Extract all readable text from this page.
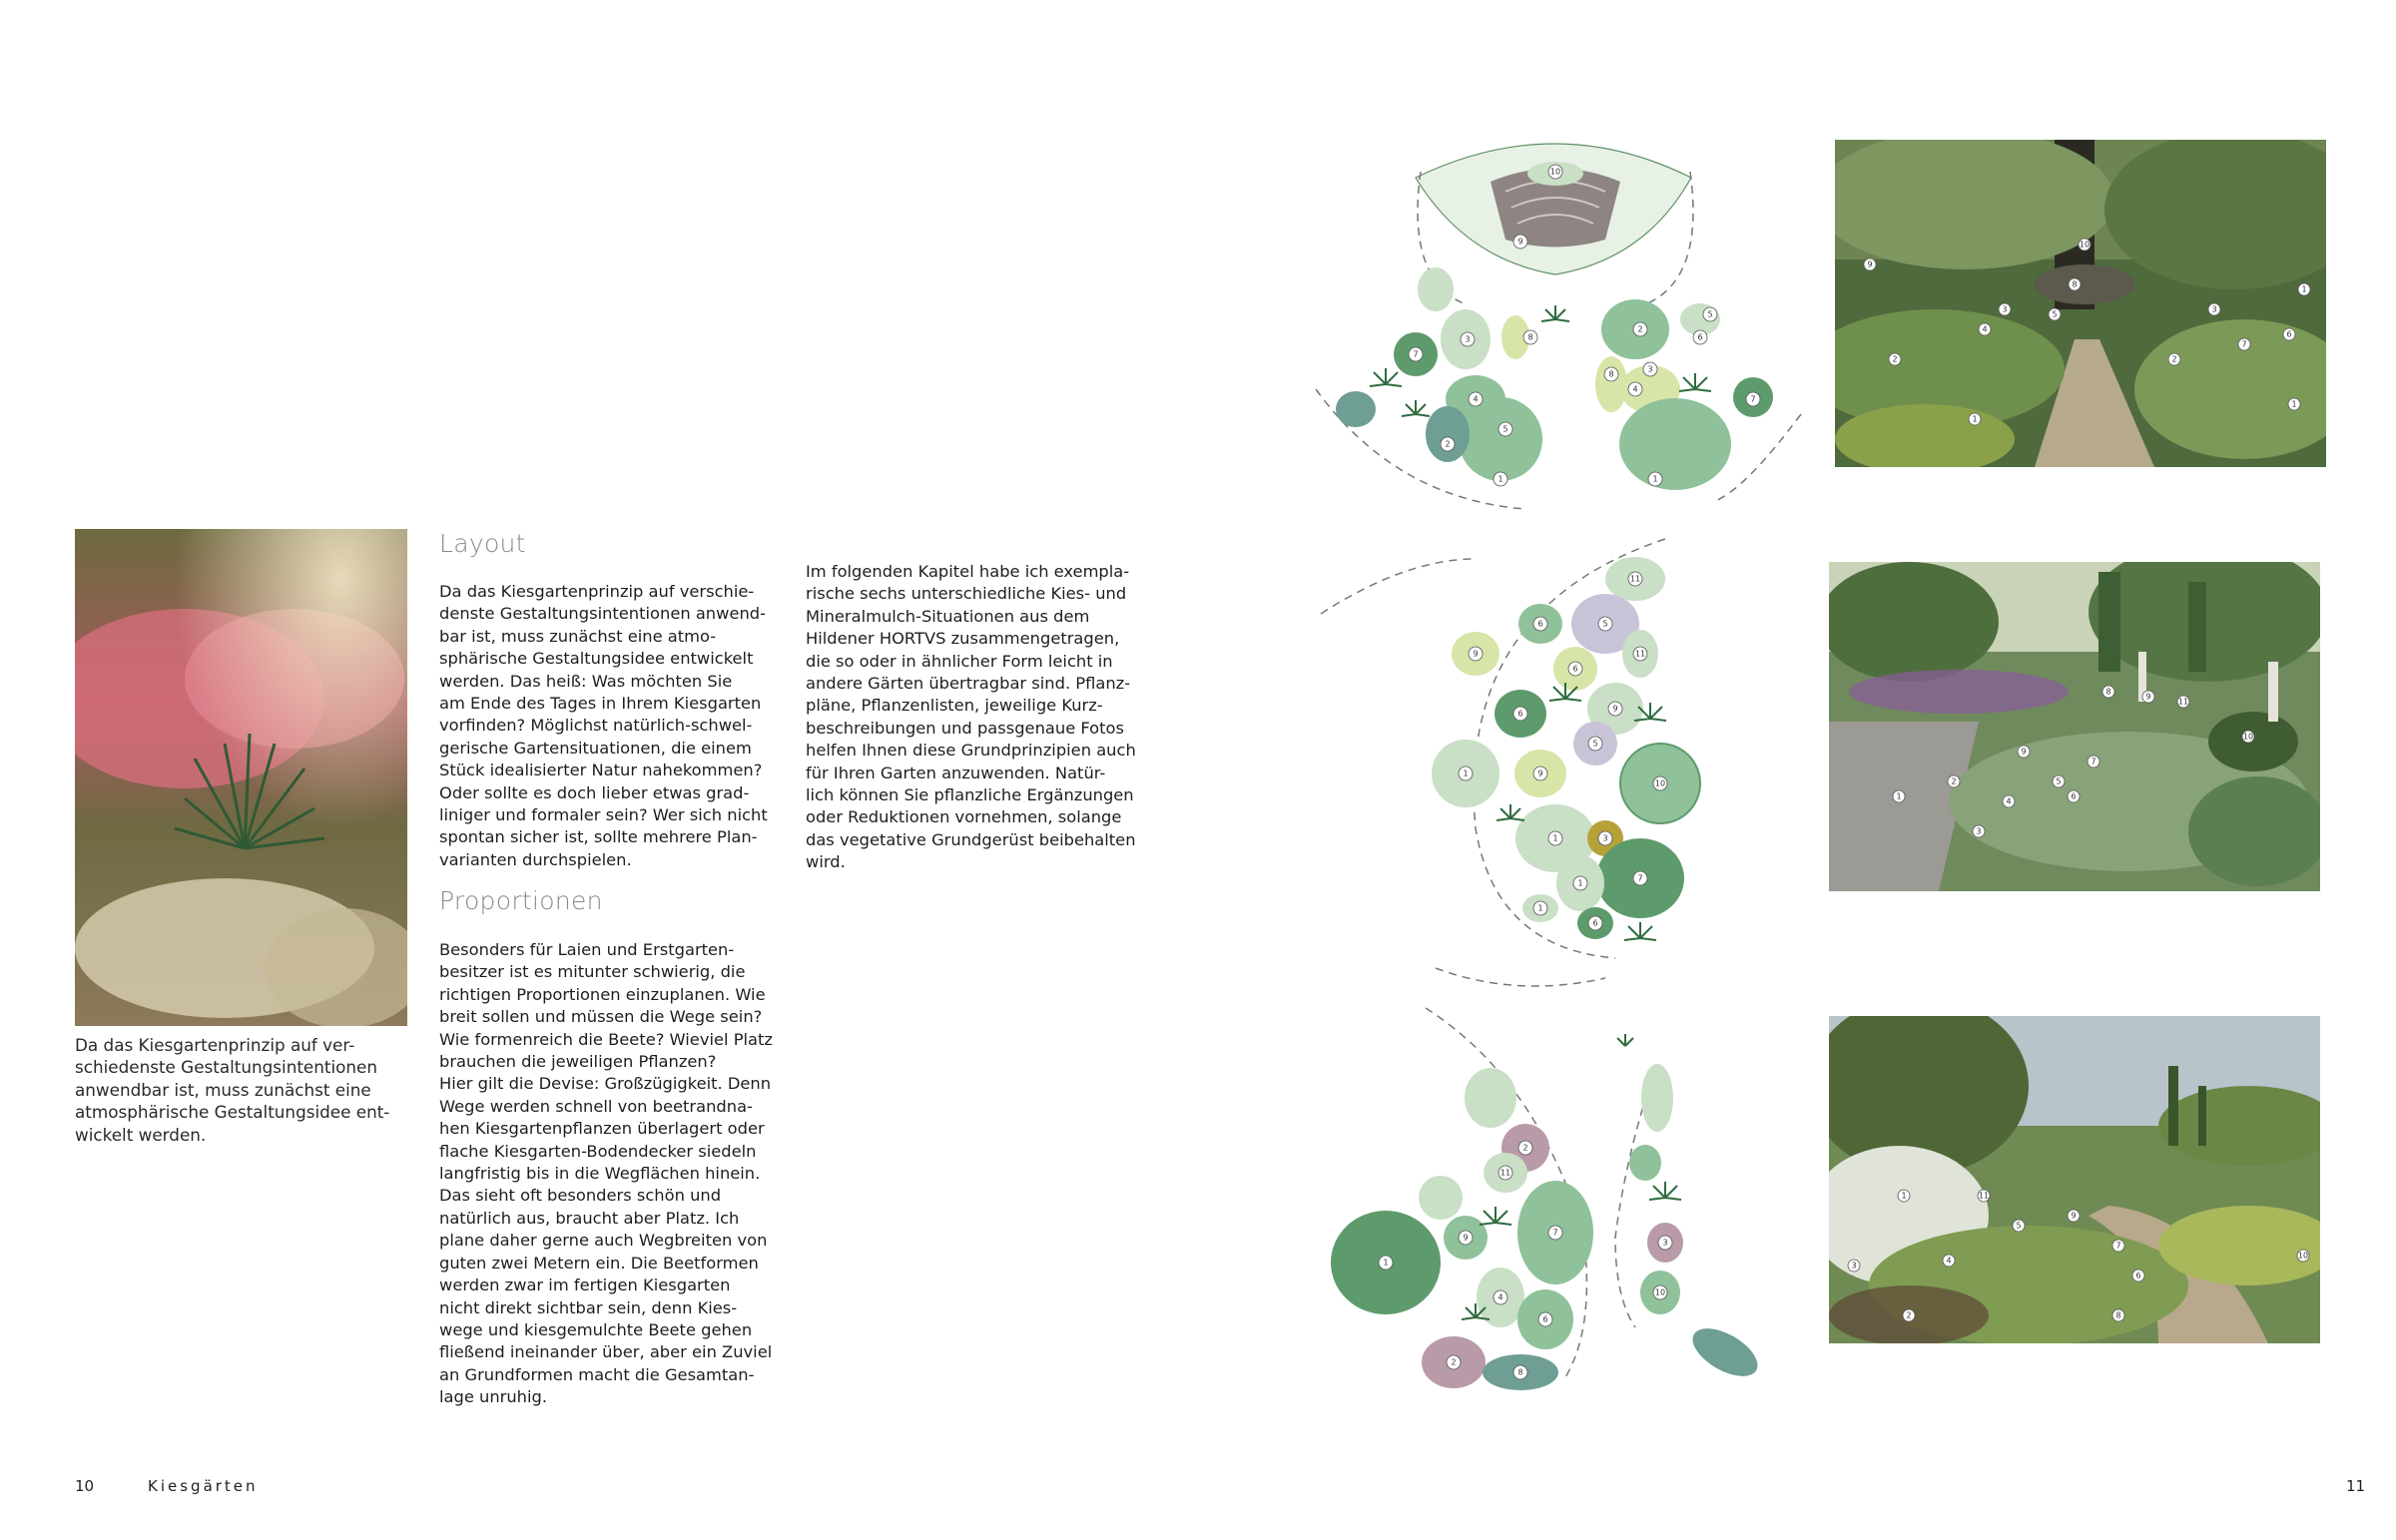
Da das Kiesgartenprinzip auf ver-
schiedenste Gestaltungsintentionen
anwendbar ist, muss zunächst eine
atmosphärische Gestaltungsidee ent-
wickelt werden.
Layout
Da das Kiesgartenprinzip auf verschie-
denste Gestaltungsintentionen anwend-
bar ist, muss zunächst eine atmo-
sphärische Gestaltungsidee entwickelt
werden. Das heiß: Was möchten Sie
am Ende des Tages in Ihrem Kiesgarten
vorfinden? Möglichst natürlich-schwel-
gerische Gartensituationen, die einem
Stück idealisierter Natur nahekommen?
Oder sollte es doch lieber etwas grad-
liniger und formaler sein? Wer sich nicht
spontan sicher ist, sollte mehrere Plan-
varianten durchspielen.
Proportionen
Besonders für Laien und Erstgarten-
besitzer ist es mitunter schwierig, die
richtigen Proportionen einzuplanen. Wie
breit sollen und müssen die Wege sein?
Wie formenreich die Beete? Wieviel Platz
brauchen die jeweiligen Pflanzen?
Hier gilt die Devise: Großzügigkeit. Denn
Wege werden schnell von beetrandna-
hen Kiesgartenpflanzen überlagert oder
flache Kiesgarten-Bodendecker siedeln
langfristig bis in die Wegflächen hinein.
Das sieht oft besonders schön und
natürlich aus, braucht aber Platz. Ich
plane daher gerne auch Wegbreiten von
guten zwei Metern ein. Die Beetformen
werden zwar im fertigen Kiesgarten
nicht direkt sichtbar sein, denn Kies-
wege und kiesgemulchte Beete gehen
fließend ineinander über, aber ein Zuviel
an Grundformen macht die Gesamtan-
lage unruhig.
Im folgenden Kapitel habe ich exempla-
rische sechs unterschiedliche Kies- und
Mineralmulch-Situationen aus dem
Hildener HORTVS zusammengetragen,
die so oder in ähnlicher Form leicht in
andere Gärten übertragbar sind. Pflanz-
pläne, Pflanzenlisten, jeweilige Kurz-
beschreibungen und passgenaue Fotos
helfen Ihnen diese Grundprinzipien auch
für Ihren Garten anzuwenden. Natür-
lich können Sie pflanzliche Ergänzungen
oder Reduktionen vornehmen, solange
das vegetative Grundgerüst beibehalten
wird.
10	Kiesgärten
10
9
8
7
3
5
4
2
1	1
2
3
4
5
6
7
8
11
6	5
11
9
6
6
9
9
5
1
3
1
10
7
6
1
1
2
11
9
1
7
4
2
6
8
3
10
10
9
8
5
4
3	3
2
1
7
6
1
2
1
8
9
11
10
7
9
6
5
2
4
3
1
1	11
5
9
7
3
4
2
6
8
10
11
